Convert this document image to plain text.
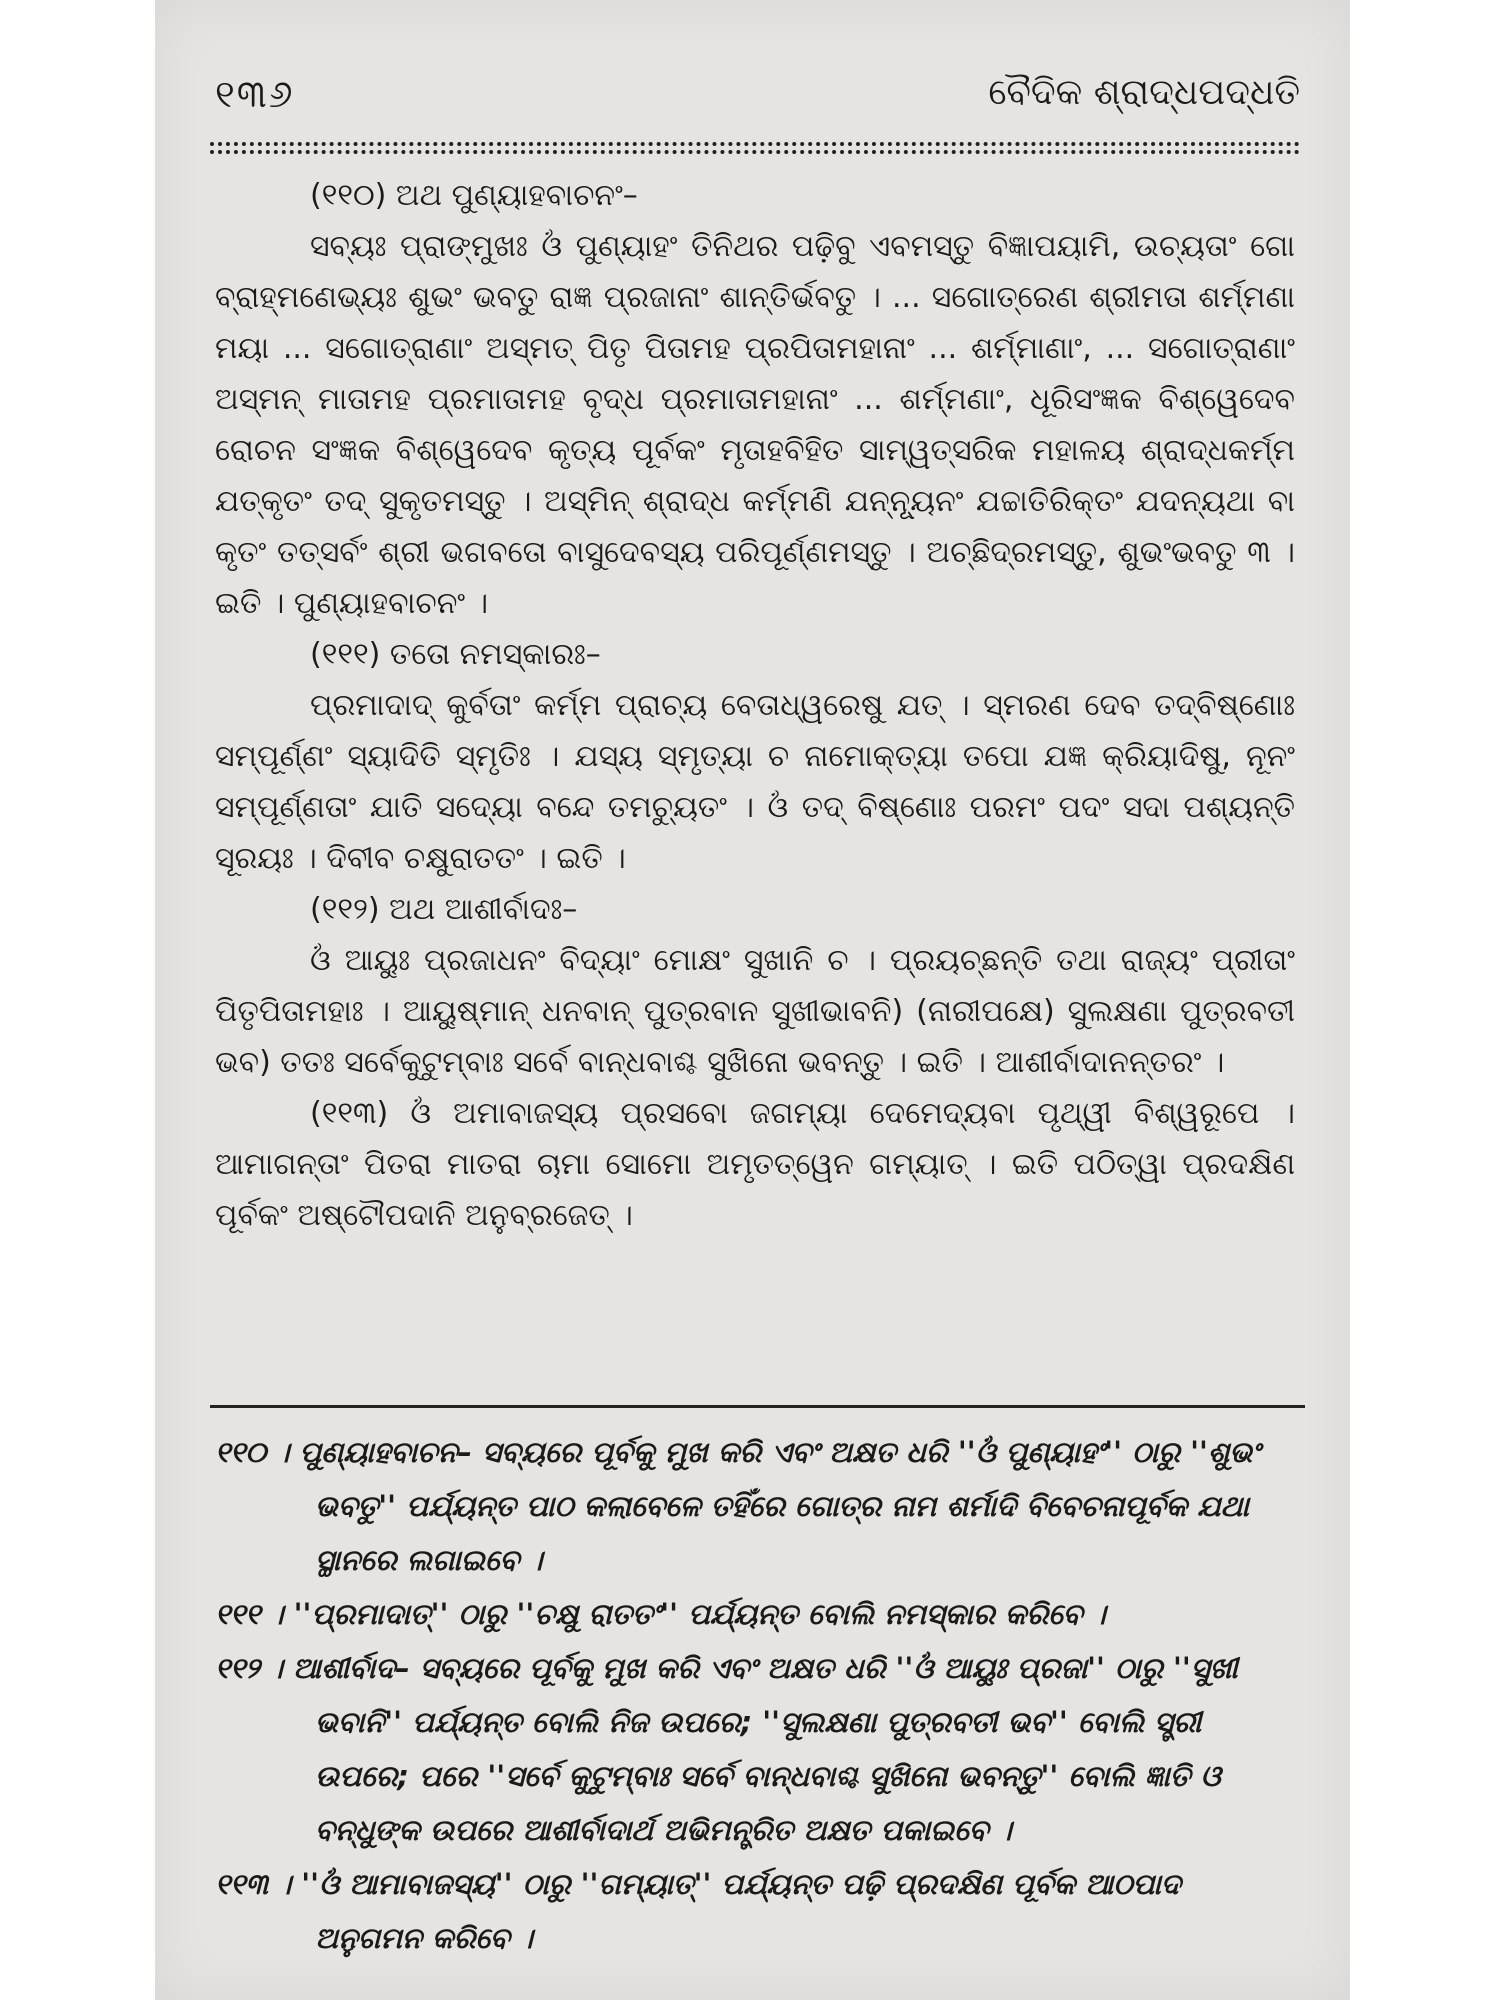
୧୩୬	ବୈଦିକ ଶ୍ରାଦ୍ଧପଦ୍ଧତି

(୧୧୦) ଅଥ ପୁଣ୍ୟାହବାଚନଂ–

ସବ୍ୟଃ ପ୍ରାଙ୍‌ମୁଖଃ ଓଁ ପୁଣ୍ୟାହଂ ତିନିଥର ପଢ଼ିବୁ ଏବମସ୍ତୁ ବିଜ୍ଞାପୟାମି, ଉଚ୍ୟତାଂ ଗୋ ବ୍ରାହ୍ମଣେଭ୍ୟଃ ଶୁଭଂ ଭବତୁ ରାଜ୍ଞ ପ୍ରଜାନାଂ ଶାନ୍ତିର୍ଭବତୁ । ... ସଗୋତ୍ରେଣ ଶ୍ରୀମତା ଶର୍ମ୍ମଣା ମୟା ... ସଗୋତ୍ରାଣାଂ ଅସ୍ମତ୍ ପିତୃ ପିତାମହ ପ୍ରପିତାମହାନାଂ ... ଶର୍ମ୍ମାଣାଂ, ... ସଗୋତ୍ରାଣାଂ ଅସ୍ମନ୍ ମାତାମହ ପ୍ରମାତାମହ ବୃଦ୍ଧ ପ୍ରମାତାମହାନାଂ ... ଶର୍ମ୍ମଣାଂ, ଧୂରିସଂଜ୍ଞକ ବିଶ୍ୱେଦେବ ରୋଚନ ସଂଜ୍ଞକ ବିଶ୍ୱେଦେବ କୃତ୍ୟ ପୂର୍ବକଂ ମୃତାହବିହିତ ସାମ୍ୱତ୍ସରିକ ମହାଳୟ ଶ୍ରାଦ୍ଧକର୍ମ୍ମ ଯତ୍‌କୃତଂ ତଦ୍ ସୁକୃତମସ୍ତୁ । ଅସ୍ମିନ୍ ଶ୍ରାଦ୍ଧ କର୍ମ୍ମଣି ଯନ୍ନ୍ୟୂନଂ ଯଚ୍ଚାତିରିକ୍ତଂ ଯଦନ୍ୟଥା ବା କୃତଂ ତତ୍‌ସର୍ବଂ ଶ୍ରୀ ଭଗବତୋ ବାସୁଦେବସ୍ୟ ପରିପୂର୍ଣ୍ଣମସ୍ତୁ । ଅଚ୍ଛିଦ୍ରମସ୍ତୁ, ଶୁଭଂଭବତୁ ୩ । ଇତି । ପୁଣ୍ୟାହବାଚନଂ ।

(୧୧୧) ତତୋ ନମସ୍କାରଃ–

ପ୍ରମାଦାଦ୍ କୁର୍ବତାଂ କର୍ମ୍ମ ପ୍ରାଚ୍ୟ ବେତାଧ୍ୱରେଷୁ ଯତ୍ । ସ୍ମରଣ ଦେବ ତଦ୍‌ବିଷ୍ଣୋଃ ସମ୍ପୂର୍ଣ୍ଣଂ ସ୍ୟାଦିତି ସ୍ମୃତିଃ । ଯସ୍ୟ ସ୍ମୃତ୍ୟା ଚ ନାମୋକ୍ତ୍ୟା ତପୋ ଯଜ୍ଞ କ୍ରିୟାଦିଷୁ, ନୂନଂ ସମ୍ପୂର୍ଣ୍ଣତାଂ ଯାତି ସଦ୍ୟୋ ବନ୍ଦେ ତମଚ୍ୟୁତଂ । ଓଁ ତଦ୍ ବିଷ୍ଣୋଃ ପରମଂ ପଦଂ ସଦା ପଶ୍ୟନ୍ତି ସୂରୟଃ । ଦିବୀବ ଚକ୍ଷୁରାତତଂ । ଇତି ।

(୧୧୨) ଅଥ ଆଶୀର୍ବାଦଃ–

ଓଁ ଆୟୁଃ ପ୍ରଜାଧନଂ ବିଦ୍ୟାଂ ମୋକ୍ଷଂ ସୁଖାନି ଚ । ପ୍ରୟଚ୍ଛନ୍ତି ତଥା ରାଜ୍ୟଂ ପ୍ରୀତାଂ ପିତୃପିତାମହାଃ । ଆୟୁଷ୍ମାନ୍ ଧନବାନ୍ ପୁତ୍ରବାନ ସୁଖୀଭାବନି) (ନାରୀପକ୍ଷେ) ସୁଲକ୍ଷଣା ପୁତ୍ରବତୀ ଭବ) ତତଃ ସର୍ବେକୁଟୁମ୍ବାଃ ସର୍ବେ ବାନ୍ଧବାଶ୍ଚ ସୁଖିନୋ ଭବନ୍ତୁ । ଇତି । ଆଶୀର୍ବାଦାନନ୍ତରଂ ।

(୧୧୩) ଓଁ ଅମାବାଜସ୍ୟ ପ୍ରସବୋ ଜଗମ୍ୟା ଦେମେଦ୍ୟବା ପୃଥ୍ୱୀ ବିଶ୍ୱରୂପେ । ଆମାଗନ୍ତାଂ ପିତରା ମାତରା ଚାମା ସୋମୋ ଅମୃତତ୍ୱେନ ଗମ୍ୟାତ୍ । ଇତି ପଠିତ୍ୱା ପ୍ରଦକ୍ଷିଣ ପୂର୍ବକଂ ଅଷ୍ଟୌପଦାନି ଅନୁବ୍ରଜେତ୍ ।

୧୧୦ । ପୁଣ୍ୟାହବାଚନ– ସବ୍ୟରେ ପୂର୍ବକୁ ମୁଖ କରି ଏବଂ ଅକ୍ଷତ ଧରି ''ଓଁ ପୁଣ୍ୟାହଂ'' ଠାରୁ ''ଶୁଭଂ ଭବତୁ'' ପର୍ଯ୍ୟନ୍ତ ପାଠ କଲାବେଳେ ତହିଁରେ ଗୋତ୍ର ନାମ ଶର୍ମାଦି ବିବେଚନାପୂର୍ବକ ଯଥା ସ୍ଥାନରେ ଲଗାଇବେ ।

୧୧୧ । ''ପ୍ରମାଦାତ୍'' ଠାରୁ ''ଚକ୍ଷୁ ରାତତଂ'' ପର୍ଯ୍ୟନ୍ତ ବୋଲି ନମସ୍କାର କରିବେ ।

୧୧୨ । ଆଶୀର୍ବାଦ– ସବ୍ୟରେ ପୂର୍ବକୁ ମୁଖ କରି ଏବଂ ଅକ୍ଷତ ଧରି ''ଓଁ ଆୟୁଃ ପ୍ରଜା'' ଠାରୁ ''ସୁଖୀ ଭବାନି'' ପର୍ଯ୍ୟନ୍ତ ବୋଲି ନିଜ ଉପରେ; ''ସୁଲକ୍ଷଣା ପୁତ୍ରବତୀ ଭବ'' ବୋଲି ସ୍ତ୍ରୀ ଉପରେ; ପରେ ''ସର୍ବେ କୁଟୁମ୍ବାଃ ସର୍ବେ ବାନ୍ଧବାଶ୍ଚ ସୁଖିନୋ ଭବନ୍ତୁ'' ବୋଲି ଜ୍ଞାତି ଓ ବନ୍ଧୁଙ୍କ ଉପରେ ଆଶୀର୍ବାଦାର୍ଥ ଅଭିମନ୍ତ୍ରିତ ଅକ୍ଷତ ପକାଇବେ ।

୧୧୩ । ''ଓଁ ଆମାବାଜସ୍ୟ'' ଠାରୁ ''ଗମ୍ୟାତ୍'' ପର୍ଯ୍ୟନ୍ତ ପଢ଼ି ପ୍ରଦକ୍ଷିଣ ପୂର୍ବକ ଆଠପାଦ ଅନୁଗମନ କରିବେ ।
